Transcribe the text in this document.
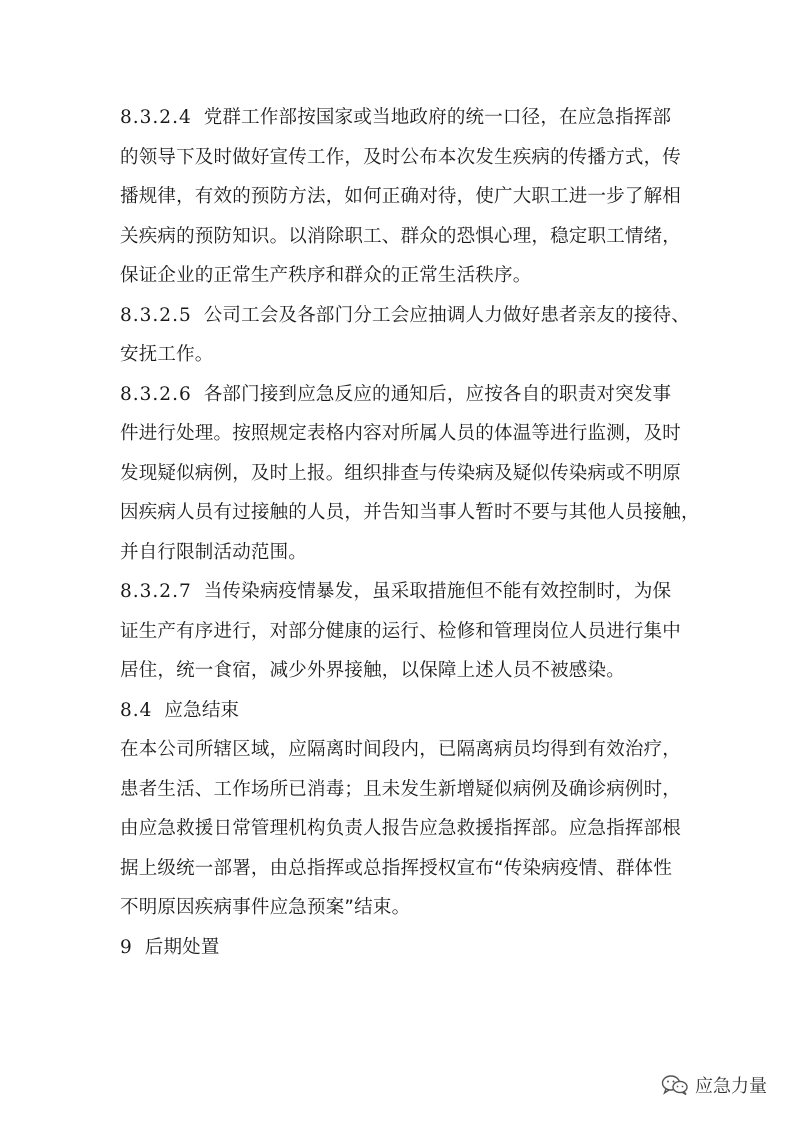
8.3.2.4 党群工作部按国家或当地政府的统一口径，在应急指挥部
的领导下及时做好宣传工作，及时公布本次发生疾病的传播方式，传
播规律，有效的预防方法，如何正确对待，使广大职工进一步了解相
关疾病的预防知识。以消除职工、群众的恐惧心理，稳定职工情绪，
保证企业的正常生产秩序和群众的正常生活秩序。
8.3.2.5 公司工会及各部门分工会应抽调人力做好患者亲友的接待、
安抚工作。
8.3.2.6 各部门接到应急反应的通知后，应按各自的职责对突发事
件进行处理。按照规定表格内容对所属人员的体温等进行监测，及时
发现疑似病例，及时上报。组织排查与传染病及疑似传染病或不明原
因疾病人员有过接触的人员，并告知当事人暂时不要与其他人员接触，
并自行限制活动范围。
8.3.2.7 当传染病疫情暴发，虽采取措施但不能有效控制时，为保
证生产有序进行，对部分健康的运行、检修和管理岗位人员进行集中
居住，统一食宿，减少外界接触，以保障上述人员不被感染。
8.4 应急结束
在本公司所辖区域，应隔离时间段内，已隔离病员均得到有效治疗，
患者生活、工作场所已消毒；且未发生新增疑似病例及确诊病例时，
由应急救援日常管理机构负责人报告应急救援指挥部。应急指挥部根
据上级统一部署，由总指挥或总指挥授权宣布“传染病疫情、群体性
不明原因疾病事件应急预案”结束。
9 后期处置
应急力量
